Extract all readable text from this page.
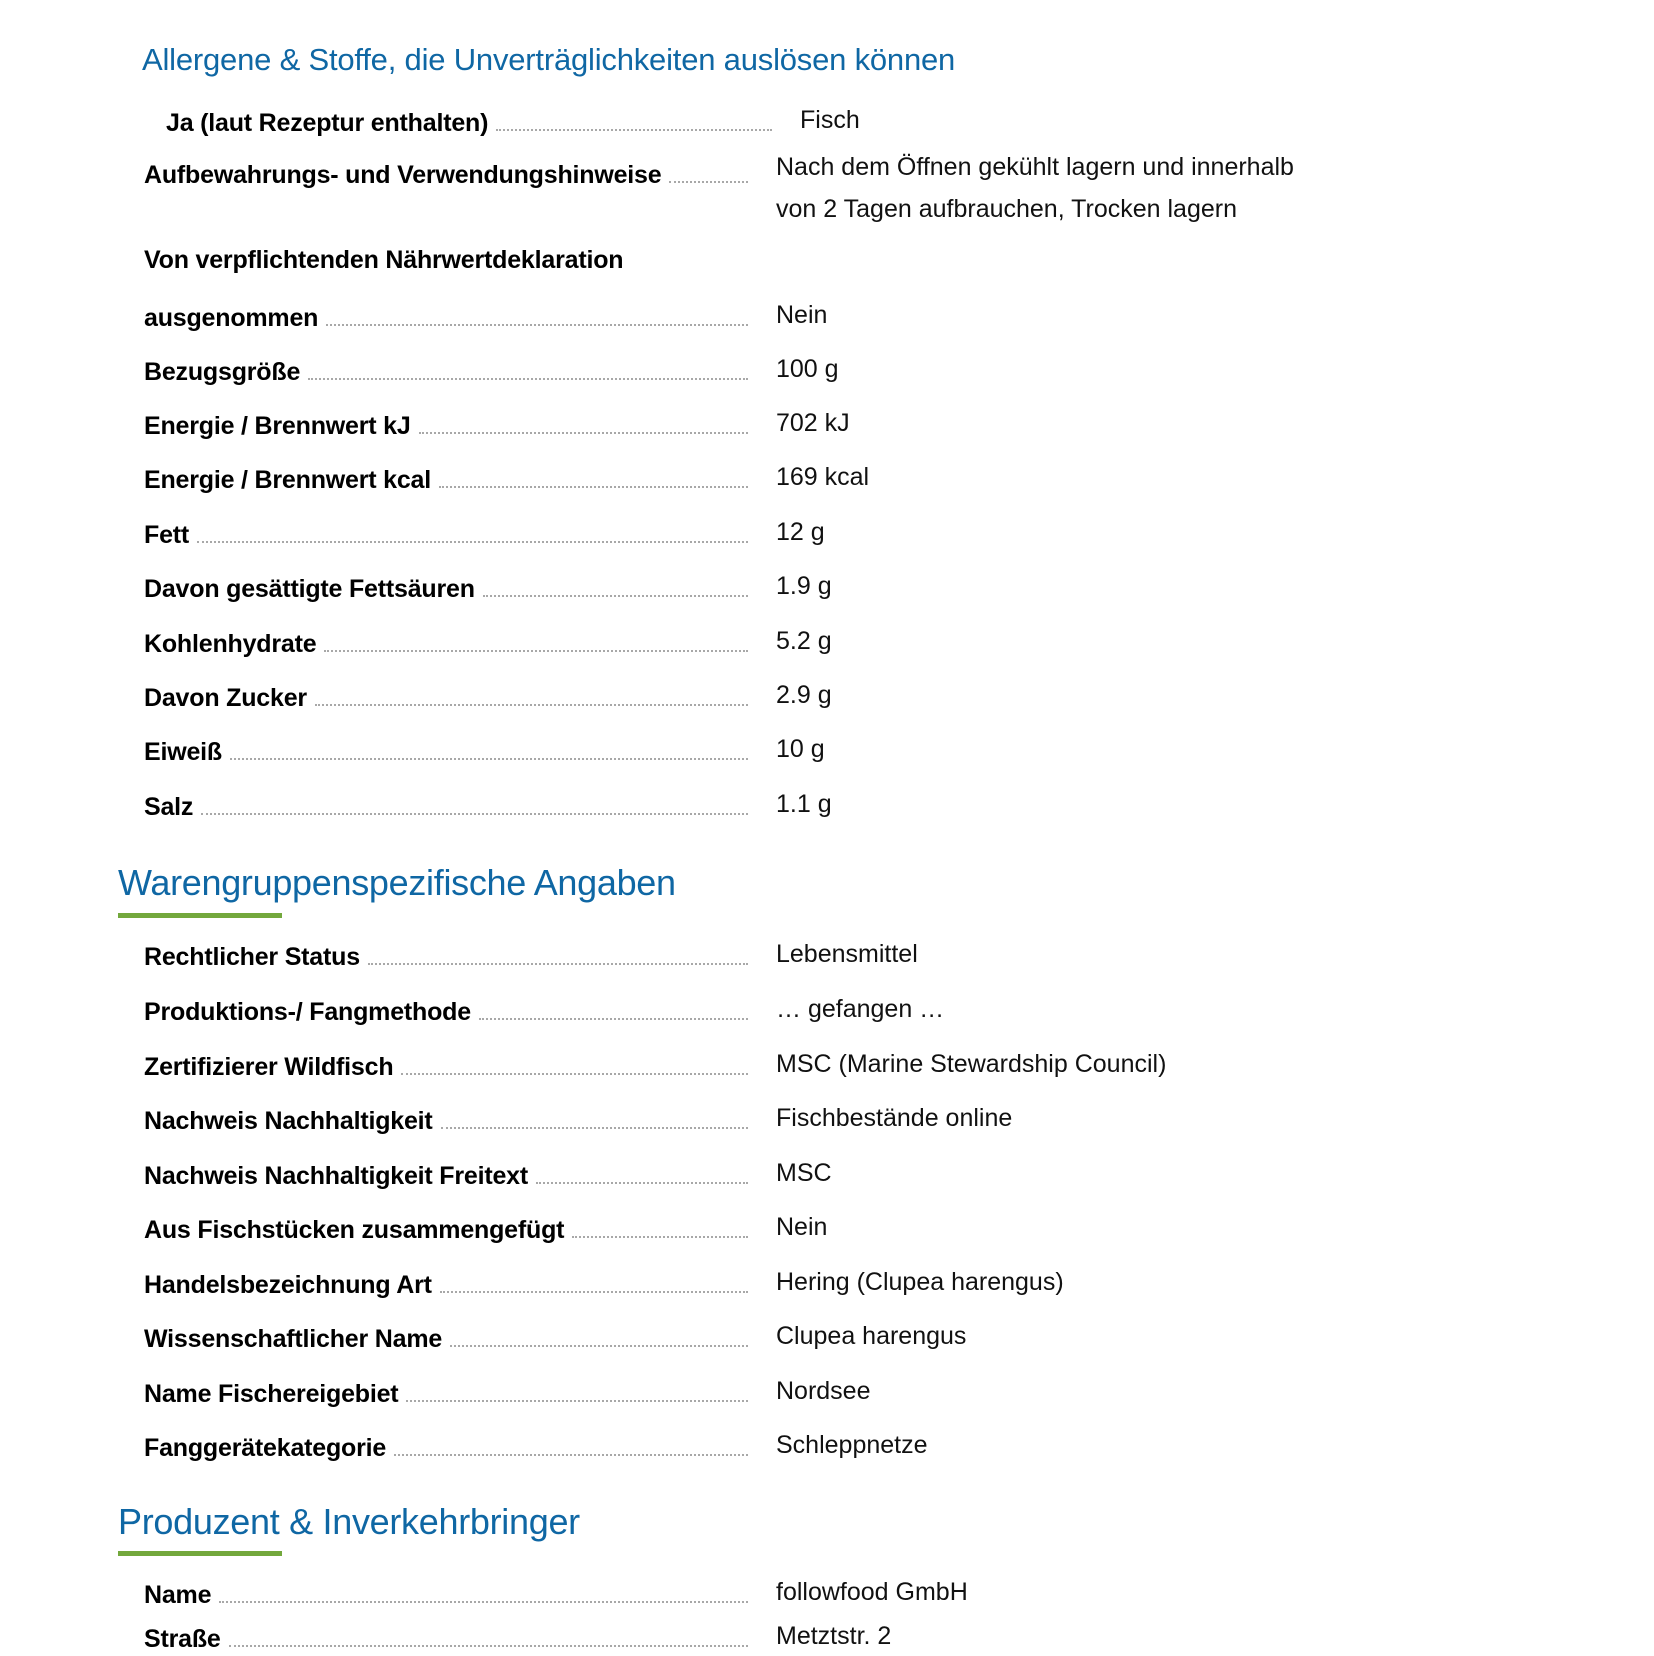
Allergene & Stoffe, die Unverträglichkeiten auslösen können
Ja (laut Rezeptur enthalten)	Fisch
Aufbewahrungs- und Verwendungshinweise	Nach dem Öffnen gekühlt lagern und innerhalb
von 2 Tagen aufbrauchen, Trocken lagern
Von verpflichtenden Nährwertdeklaration
ausgenommen	Nein
Bezugsgröße	100 g
Energie / Brennwert kJ	702 kJ
Energie / Brennwert kcal	169 kcal
Fett	12 g
Davon gesättigte Fettsäuren	1.9 g
Kohlenhydrate	5.2 g
Davon Zucker	2.9 g
Eiweiß	10 g
Salz	1.1 g
Warengruppenspezifische Angaben
Rechtlicher Status	Lebensmittel
Produktions-/ Fangmethode	… gefangen …
Zertifizierer Wildfisch	MSC (Marine Stewardship Council)
Nachweis Nachhaltigkeit	Fischbestände online
Nachweis Nachhaltigkeit Freitext	MSC
Aus Fischstücken zusammengefügt	Nein
Handelsbezeichnung Art	Hering (Clupea harengus)
Wissenschaftlicher Name	Clupea harengus
Name Fischereigebiet	Nordsee
Fanggerätekategorie	Schleppnetze
Produzent & Inverkehrbringer
Name	followfood GmbH
Straße	Metztstr. 2
